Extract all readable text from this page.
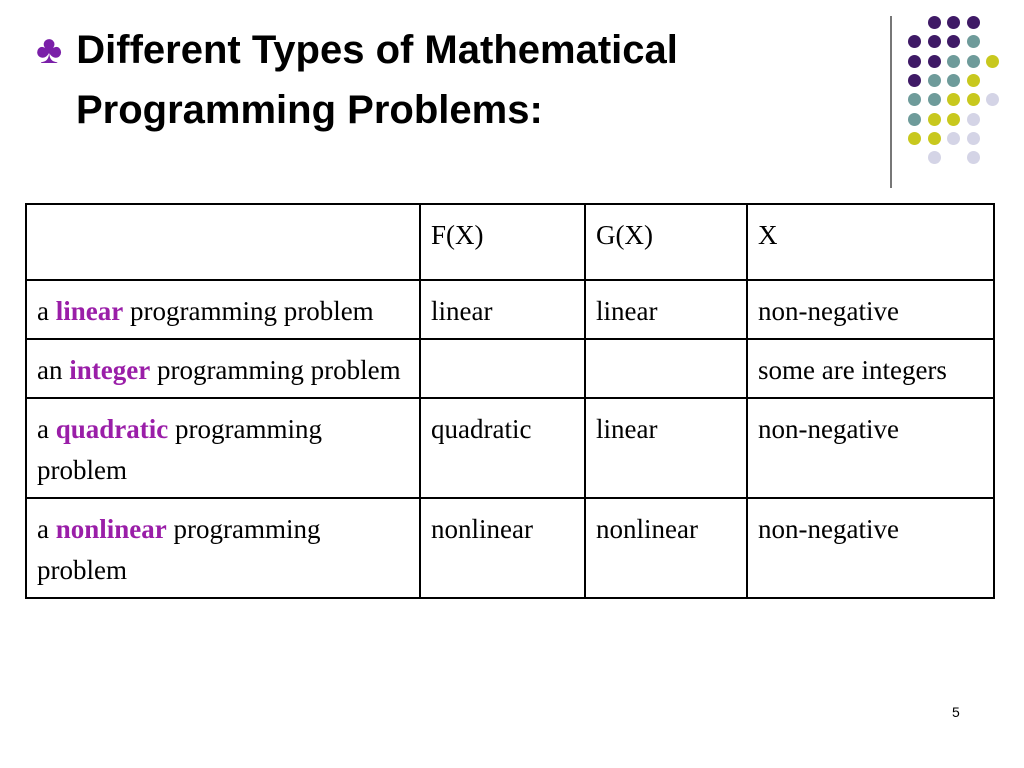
♣ Different Types of Mathematical
Programming Problems:
	F(X)	G(X)	X
a linear programming problem	linear	linear	non-negative
an integer programming problem			some are integers
a quadratic programming problem	quadratic	linear	non-negative
a nonlinear programming problem	nonlinear	nonlinear	non-negative
5
